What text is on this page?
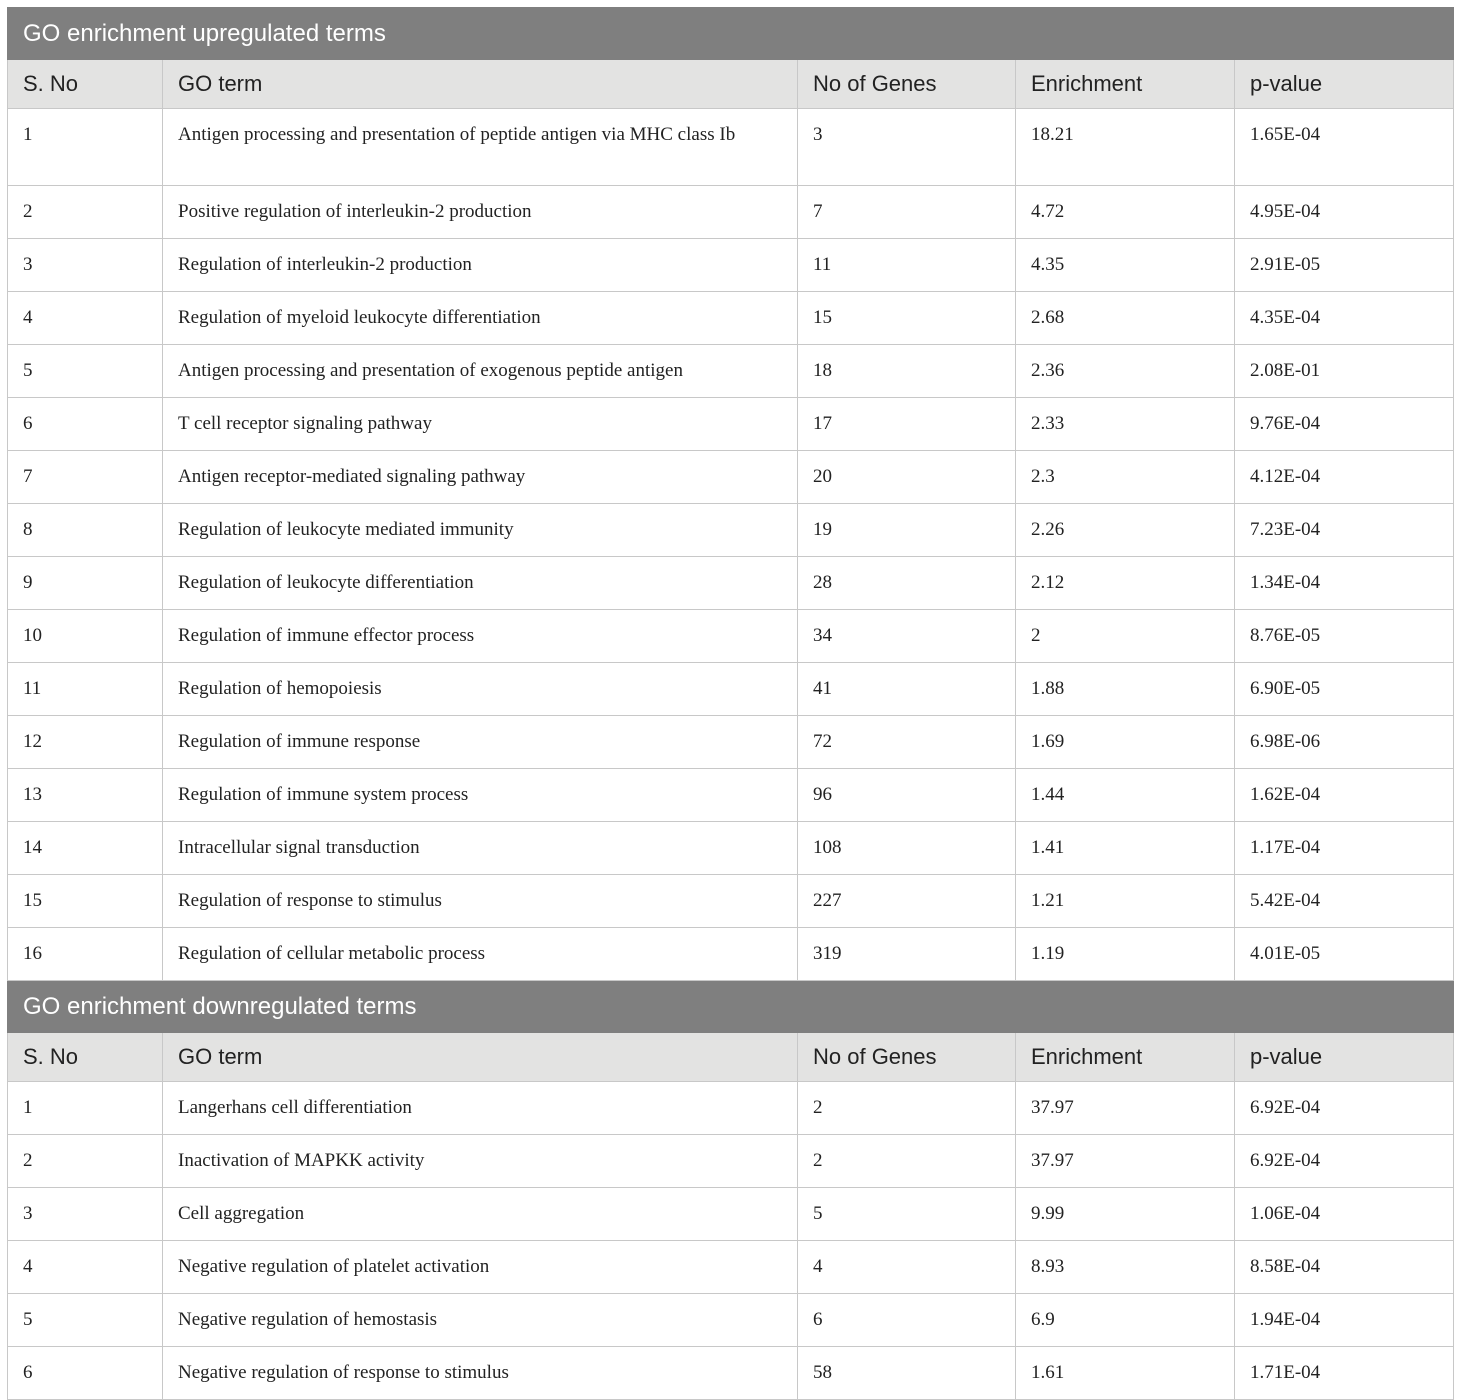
GO enrichment upregulated terms				
S. No	GO term	No of Genes	Enrichment	p-value
1	Antigen processing and presentation of peptide antigen via MHC class Ib	3	18.21	1.65E-04
2	Positive regulation of interleukin-2 production	7	4.72	4.95E-04
3	Regulation of interleukin-2 production	11	4.35	2.91E-05
4	Regulation of myeloid leukocyte differentiation	15	2.68	4.35E-04
5	Antigen processing and presentation of exogenous peptide antigen	18	2.36	2.08E-01
6	T cell receptor signaling pathway	17	2.33	9.76E-04
7	Antigen receptor-mediated signaling pathway	20	2.3	4.12E-04
8	Regulation of leukocyte mediated immunity	19	2.26	7.23E-04
9	Regulation of leukocyte differentiation	28	2.12	1.34E-04
10	Regulation of immune effector process	34	2	8.76E-05
11	Regulation of hemopoiesis	41	1.88	6.90E-05
12	Regulation of immune response	72	1.69	6.98E-06
13	Regulation of immune system process	96	1.44	1.62E-04
14	Intracellular signal transduction	108	1.41	1.17E-04
15	Regulation of response to stimulus	227	1.21	5.42E-04
16	Regulation of cellular metabolic process	319	1.19	4.01E-05
GO enrichment downregulated terms				
S. No	GO term	No of Genes	Enrichment	p-value
1	Langerhans cell differentiation	2	37.97	6.92E-04
2	Inactivation of MAPKK activity	2	37.97	6.92E-04
3	Cell aggregation	5	9.99	1.06E-04
4	Negative regulation of platelet activation	4	8.93	8.58E-04
5	Negative regulation of hemostasis	6	6.9	1.94E-04
6	Negative regulation of response to stimulus	58	1.61	1.71E-04
